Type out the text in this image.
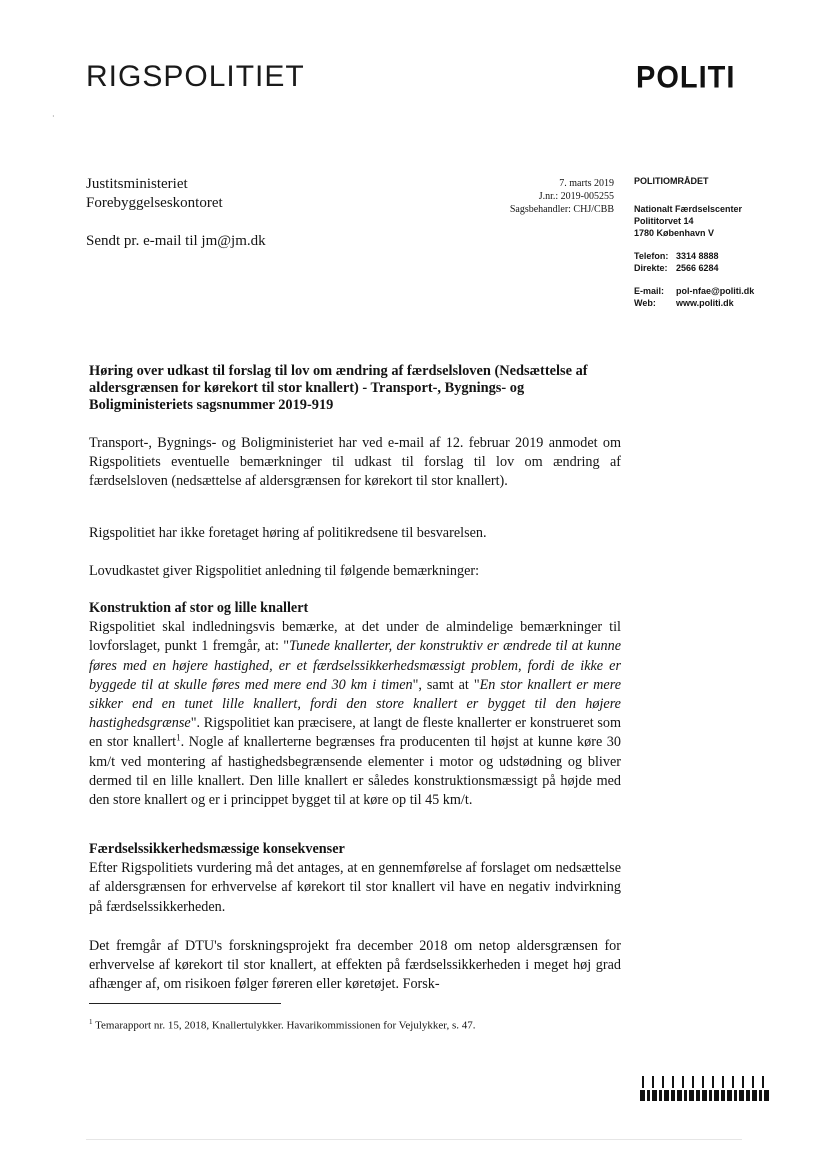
RIGSPOLITIET	POLITI
·
Justitsministeriet
Forebyggelseskontoret
Sendt pr. e-mail til jm@jm.dk
7. marts 2019
J.nr.: 2019-005255
Sagsbehandler: CHJ/CBB
POLITIOMRÅDET
Nationalt Færdselscenter
Polititorvet 14
1780 København V
Telefon: 3314 8888
Direkte: 2566 6284
E-mail:	pol-nfae@politi.dk
Web:	www.politi.dk
Høring over udkast til forslag til lov om ændring af færdselsloven (Nedsættelse af aldersgrænsen for kørekort til stor knallert) - Transport-, Bygnings- og Boligministeriets sagsnummer 2019-919
Transport-, Bygnings- og Boligministeriet har ved e-mail af 12. februar 2019 anmodet om Rigspolitiets eventuelle bemærkninger til udkast til forslag til lov om ændring af færdselsloven (nedsættelse af aldersgrænsen for kørekort til stor knallert).
Rigspolitiet har ikke foretaget høring af politikredsene til besvarelsen.
Lovudkastet giver Rigspolitiet anledning til følgende bemærkninger:
Konstruktion af stor og lille knallert
Rigspolitiet skal indledningsvis bemærke, at det under de almindelige bemærkninger til lovforslaget, punkt 1 fremgår, at: "Tunede knallerter, der konstruktiv er ændrede til at kunne føres med en højere hastighed, er et færdselssikkerhedsmæssigt problem, fordi de ikke er byggede til at skulle føres med mere end 30 km i timen", samt at "En stor knallert er mere sikker end en tunet lille knallert, fordi den store knallert er bygget til den højere hastighedsgrænse". Rigspolitiet kan præcisere, at langt de fleste knallerter er konstrueret som en stor knallert$^1$. Nogle af knallerterne begrænses fra producenten til højst at kunne køre 30 km/t ved montering af hastighedsbegrænsende elementer i motor og udstødning og bliver dermed til en lille knallert. Den lille knallert er således konstruktionsmæssigt på højde med den store knallert og er i princippet bygget til at køre op til 45 km/t.
Færdselssikkerhedsmæssige konsekvenser
Efter Rigspolitiets vurdering må det antages, at en gennemførelse af forslaget om nedsættelse af aldersgrænsen for erhvervelse af kørekort til stor knallert vil have en negativ indvirkning på færdselssikkerheden.
Det fremgår af DTU's forskningsprojekt fra december 2018 om netop aldersgrænsen for erhvervelse af kørekort til stor knallert, at effekten på færdselssikkerheden i meget høj grad afhænger af, om risikoen følger føreren eller køretøjet. Forsk-
$^1$ Temarapport nr. 15, 2018, Knallertulykker. Havarikommissionen for Vejulykker, s. 47.
